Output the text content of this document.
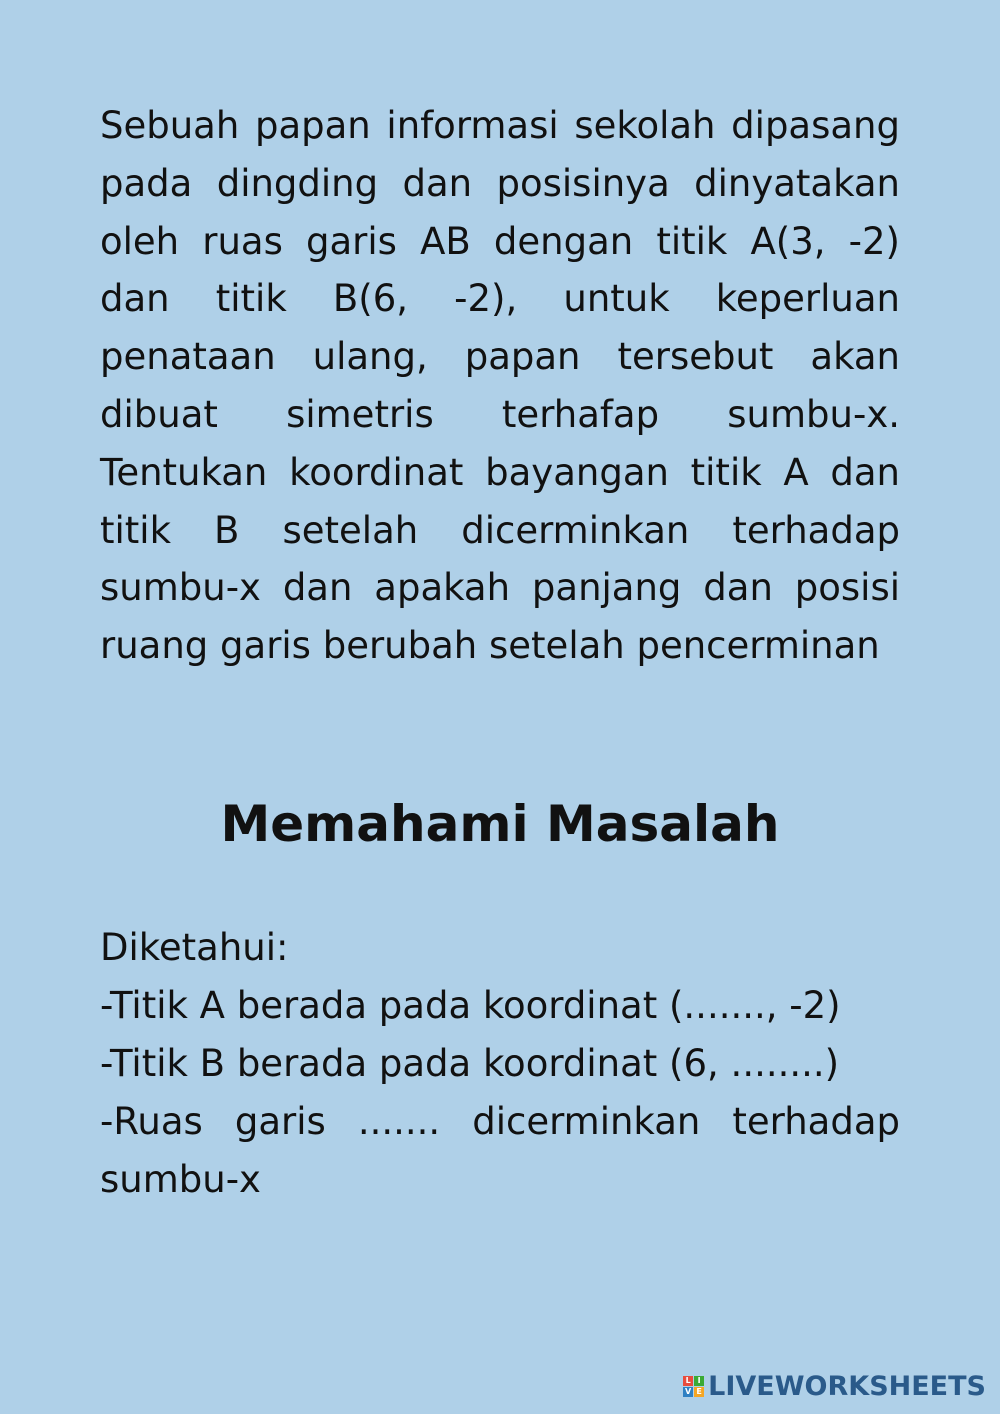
Sebuah papan informasi sekolah dipasang pada dingding dan posisinya dinyatakan oleh ruas garis AB dengan titik A(3, -2) dan titik B(6, -2), untuk keperluan penataan ulang, papan tersebut akan dibuat simetris terhafap sumbu-x. Tentukan koordinat bayangan titik A dan titik B setelah dicerminkan terhadap sumbu-x dan apakah panjang dan posisi ruang garis berubah setelah pencerminan

Memahami Masalah
Diketahui:
-Titik A berada pada koordinat (......., -2)
-Titik B berada pada koordinat (6, ........)
-Ruas garis ....... dicerminkan terhadap sumbu-x
L I
V E LIVEWORKSHEETS
